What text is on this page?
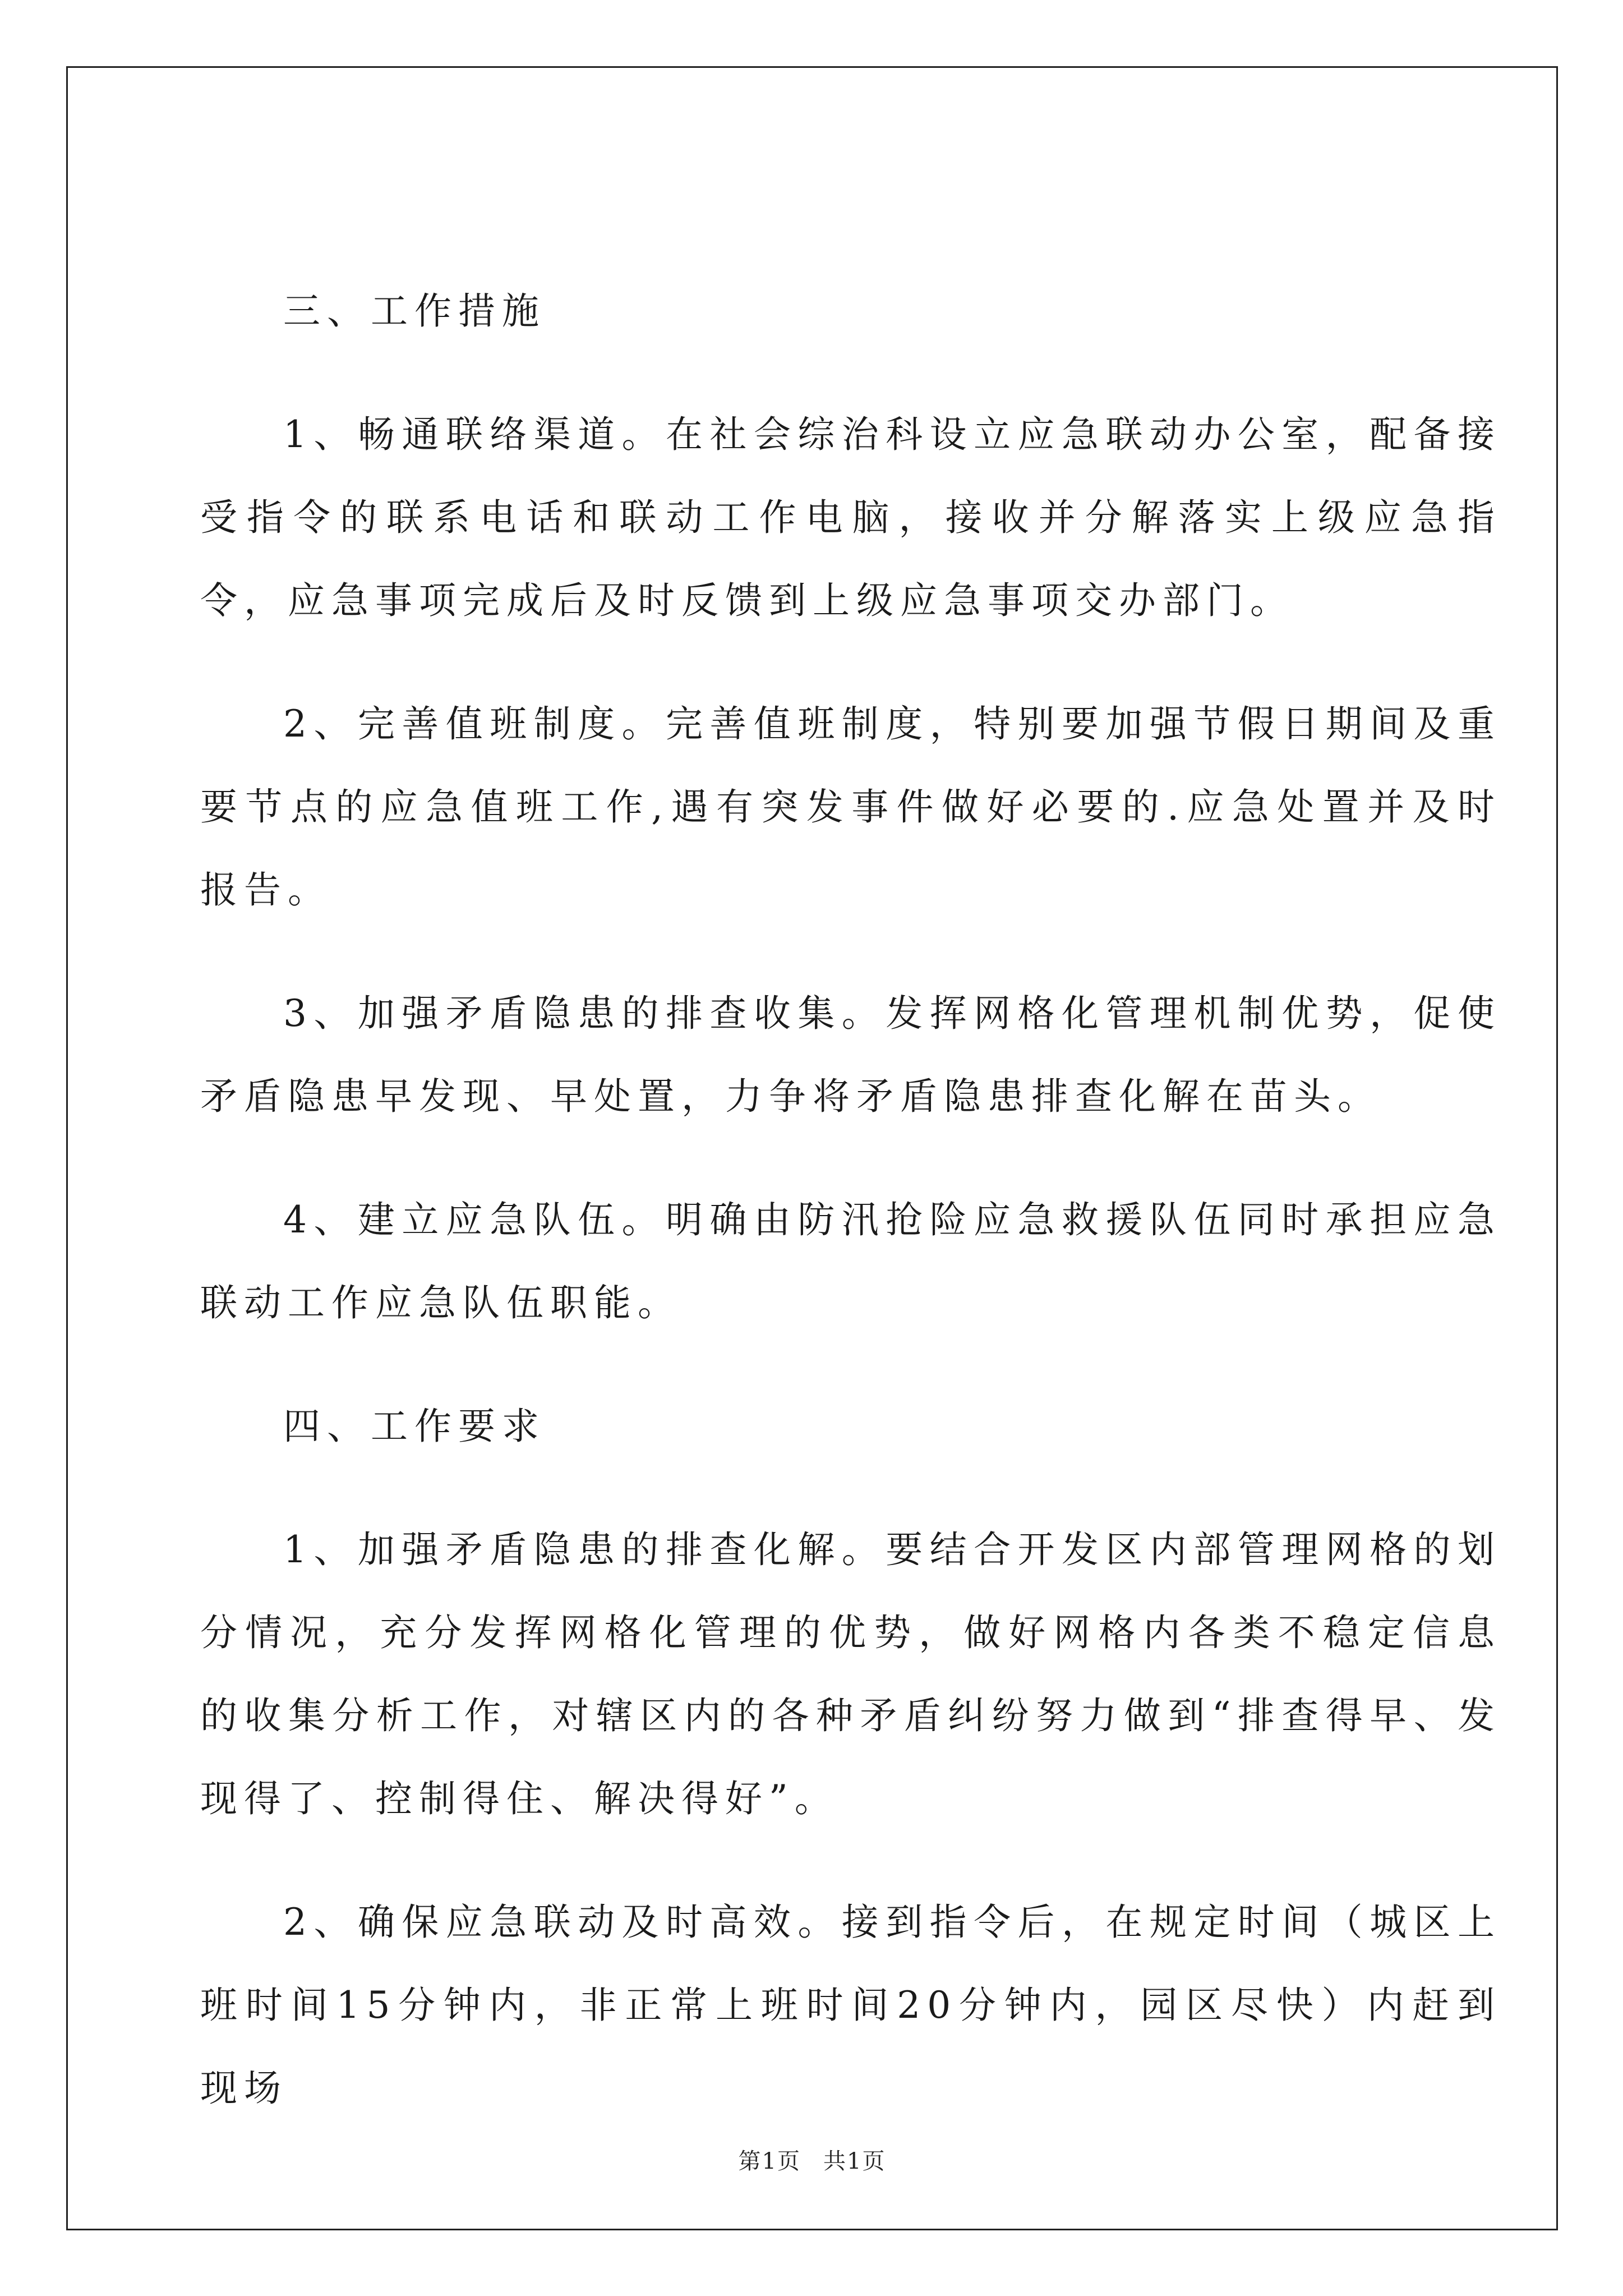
三、工作措施

1、畅通联络渠道。在社会综治科设立应急联动办公室，配备接受指令的联系电话和联动工作电脑，接收并分解落实上级应急指令，应急事项完成后及时反馈到上级应急事项交办部门。

2、完善值班制度。完善值班制度，特别要加强节假日期间及重要节点的应急值班工作,遇有突发事件做好必要的.应急处置并及时报告。

3、加强矛盾隐患的排查收集。发挥网格化管理机制优势，促使矛盾隐患早发现、早处置，力争将矛盾隐患排查化解在苗头。

4、建立应急队伍。明确由防汛抢险应急救援队伍同时承担应急联动工作应急队伍职能。

四、工作要求

1、加强矛盾隐患的排查化解。要结合开发区内部管理网格的划分情况，充分发挥网格化管理的优势，做好网格内各类不稳定信息的收集分析工作，对辖区内的各种矛盾纠纷努力做到“排查得早、发现得了、控制得住、解决得好”。

2、确保应急联动及时高效。接到指令后，在规定时间（城区上班时间15分钟内，非正常上班时间20分钟内，园区尽快）内赶到现场

第1页 共1页
